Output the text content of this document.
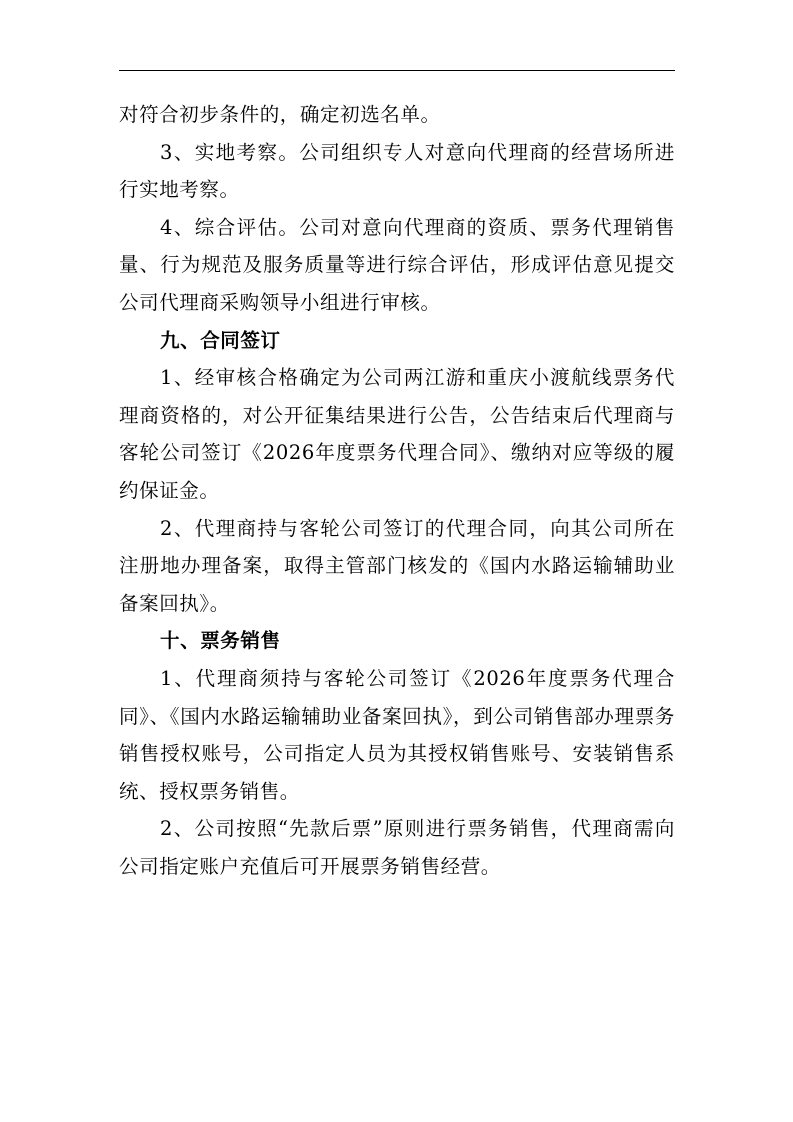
对符合初步条件的，确定初选名单。

3、实地考察。公司组织专人对意向代理商的经营场所进行实地考察。

4、综合评估。公司对意向代理商的资质、票务代理销售量、行为规范及服务质量等进行综合评估，形成评估意见提交公司代理商采购领导小组进行审核。

九、合同签订

1、经审核合格确定为公司两江游和重庆小渡航线票务代理商资格的，对公开征集结果进行公告，公告结束后代理商与客轮公司签订《2026年度票务代理合同》、缴纳对应等级的履约保证金。

2、代理商持与客轮公司签订的代理合同，向其公司所在注册地办理备案，取得主管部门核发的《国内水路运输辅助业备案回执》。

十、票务销售

1、代理商须持与客轮公司签订《2026年度票务代理合同》、《国内水路运输辅助业备案回执》，到公司销售部办理票务销售授权账号，公司指定人员为其授权销售账号、安装销售系统、授权票务销售。

2、公司按照“先款后票”原则进行票务销售，代理商需向公司指定账户充值后可开展票务销售经营。
